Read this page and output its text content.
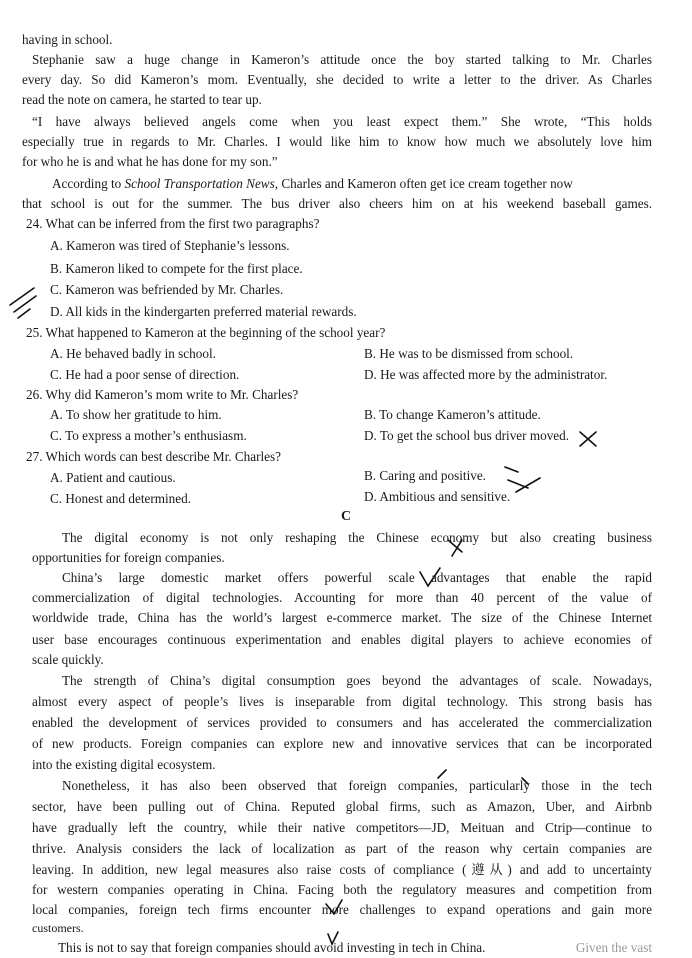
having in school.
Stephanie saw a huge change in Kameron’s attitude once the boy started talking to Mr. Charles
every day. So did Kameron’s mom. Eventually, she decided to write a letter to the driver. As Charles
read the note on camera, he started to tear up.
“I have always believed angels come when you least expect them.” She wrote, “This holds
especially true in regards to Mr. Charles. I would like him to know how much we absolutely love him
for who he is and what he has done for my son.”
According to School Transportation News, Charles and Kameron often get ice cream together now
that school is out for the summer. The bus driver also cheers him on at his weekend baseball games.
24. What can be inferred from the first two paragraphs?
A. Kameron was tired of Stephanie’s lessons.
B. Kameron liked to compete for the first place.
C. Kameron was befriended by Mr. Charles.
D. All kids in the kindergarten preferred material rewards.
25. What happened to Kameron at the beginning of the school year?
A. He behaved badly in school.	B. He was to be dismissed from school.
C. He had a poor sense of direction.	D. He was affected more by the administrator.
26. Why did Kameron’s mom write to Mr. Charles?
A. To show her gratitude to him.	B. To change Kameron’s attitude.
C. To express a mother’s enthusiasm.	D. To get the school bus driver moved.
27. Which words can best describe Mr. Charles?
A. Patient and cautious.	B. Caring and positive.
C. Honest and determined.	D. Ambitious and sensitive.
C
The digital economy is not only reshaping the Chinese economy but also creating business
opportunities for foreign companies.
China’s large domestic market offers powerful scale advantages that enable the rapid
commercialization of digital technologies. Accounting for more than 40 percent of the value of
worldwide trade, China has the world’s largest e-commerce market. The size of the Chinese Internet
user base encourages continuous experimentation and enables digital players to achieve economies of
scale quickly.
The strength of China’s digital consumption goes beyond the advantages of scale. Nowadays,
almost every aspect of people’s lives is inseparable from digital technology. This strong basis has
enabled the development of services provided to consumers and has accelerated the commercialization
of new products. Foreign companies can explore new and innovative services that can be incorporated
into the existing digital ecosystem.
Nonetheless, it has also been observed that foreign companies, particularly those in the tech
sector, have been pulling out of China. Reputed global firms, such as Amazon, Uber, and Airbnb
have gradually left the country, while their native competitors—JD, Meituan and Ctrip—continue to
thrive. Analysis considers the lack of localization as part of the reason why certain companies are
leaving. In addition, new legal measures also raise costs of compliance (遵从) and add to uncertainty
for western companies operating in China. Facing both the regulatory measures and competition from
local companies, foreign tech firms encounter more challenges to expand operations and gain more
customers.
This is not to say that foreign companies should avoid investing in tech in China.	Given the vast
